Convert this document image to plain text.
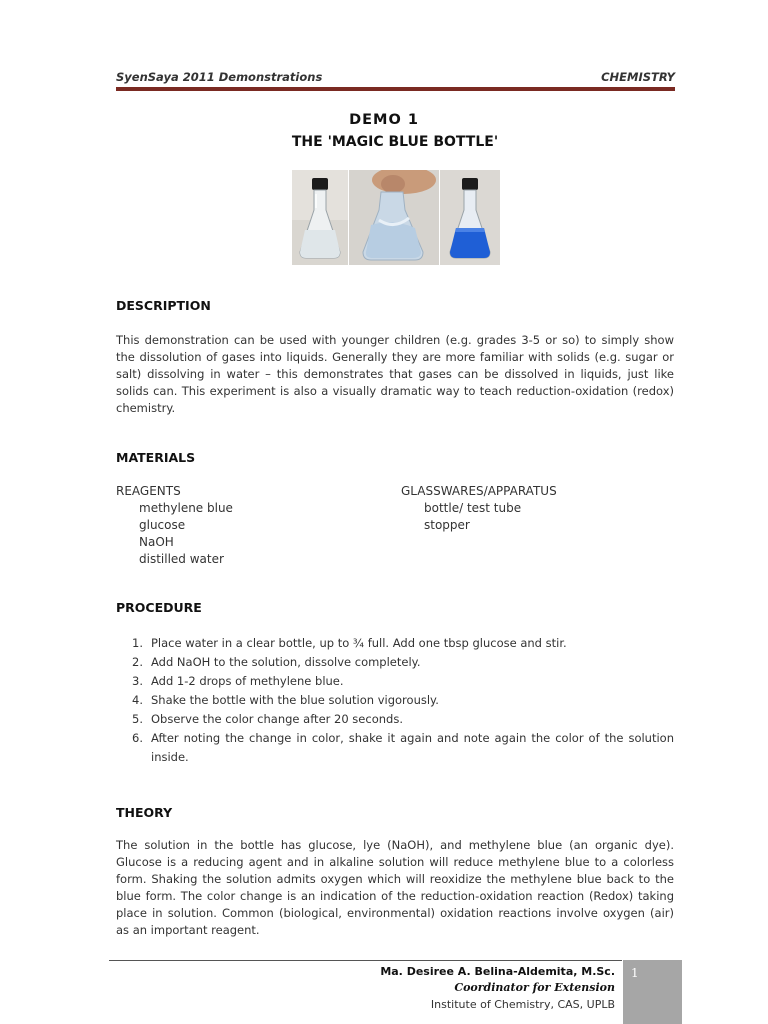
SyenSaya 2011 Demonstrations	CHEMISTRY
DEMO 1
THE 'MAGIC BLUE BOTTLE'
DESCRIPTION

This demonstration can be used with younger children (e.g. grades 3-5 or so) to simply show the dissolution of gases into liquids. Generally they are more familiar with solids (e.g. sugar or salt) dissolving in water – this demonstrates that gases can be dissolved in liquids, just like solids can. This experiment is also a visually dramatic way to teach reduction-oxidation (redox) chemistry.

MATERIALS
REAGENTS
methylene blue
glucose
NaOH
distilled water
GLASSWARES/APPARATUS
bottle/ test tube
stopper
PROCEDURE
1. Place water in a clear bottle, up to ¾ full. Add one tbsp glucose and stir.
2. Add NaOH to the solution, dissolve completely.
3. Add 1-2 drops of methylene blue.
4. Shake the bottle with the blue solution vigorously.
5. Observe the color change after 20 seconds.
6. After noting the change in color, shake it again and note again the color of the solution inside.
THEORY

The solution in the bottle has glucose, lye (NaOH), and methylene blue (an organic dye). Glucose is a reducing agent and in alkaline solution will reduce methylene blue to a colorless form. Shaking the solution admits oxygen which will reoxidize the methylene blue back to the blue form. The color change is an indication of the reduction-oxidation reaction (Redox) taking place in solution. Common (biological, environmental) oxidation reactions involve oxygen (air) as an important reagent.

Ma. Desiree A. Belina-Aldemita, M.Sc.
Coordinator for Extension
Institute of Chemistry, CAS, UPLB
1
